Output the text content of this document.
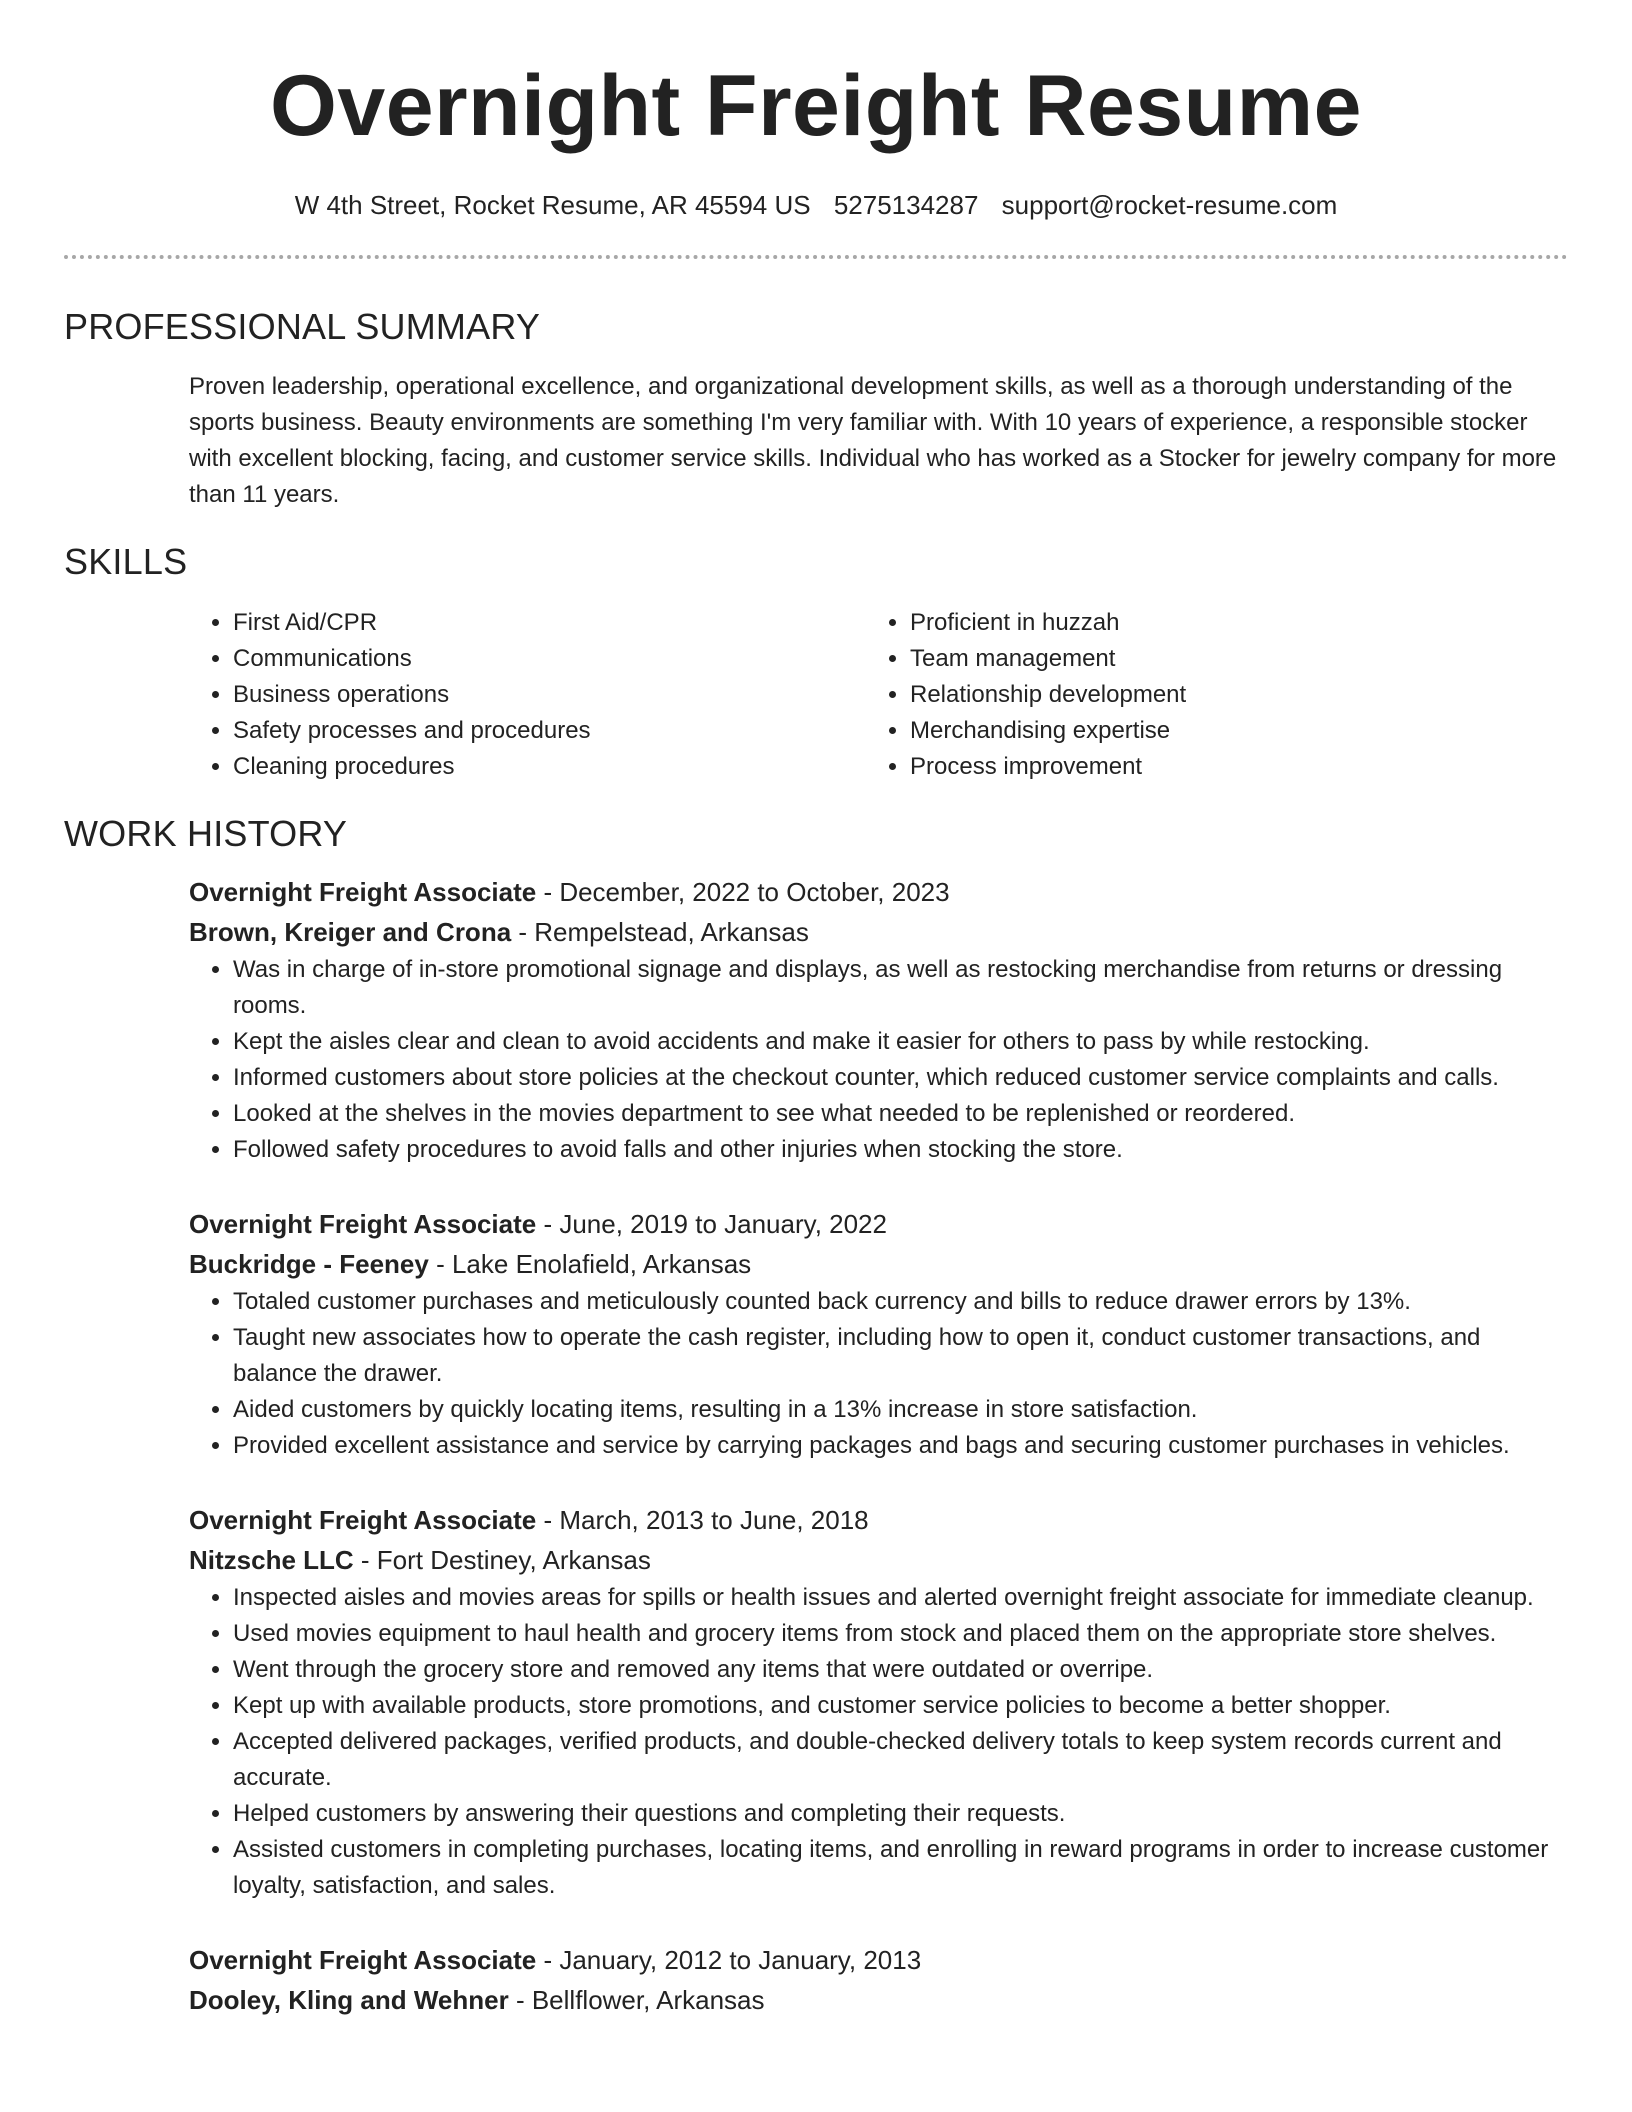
Overnight Freight Resume
W 4th Street, Rocket Resume, AR 45594 US 5275134287 support@rocket-resume.com
PROFESSIONAL SUMMARY

Proven leadership, operational excellence, and organizational development skills, as well as a thorough understanding of the sports business. Beauty environments are something I'm very familiar with. With 10 years of experience, a responsible stocker with excellent blocking, facing, and customer service skills. Individual who has worked as a Stocker for jewelry company for more than 11 years.

SKILLS
• First Aid/CPR
• Communications
• Business operations
• Safety processes and procedures
• Cleaning procedures
• Proficient in huzzah
• Team management
• Relationship development
• Merchandising expertise
• Process improvement
WORK HISTORY
Overnight Freight Associate - December, 2022 to October, 2023
Brown, Kreiger and Crona - Rempelstead, Arkansas
• Was in charge of in-store promotional signage and displays, as well as restocking merchandise from returns or dressing rooms.
• Kept the aisles clear and clean to avoid accidents and make it easier for others to pass by while restocking.
• Informed customers about store policies at the checkout counter, which reduced customer service complaints and calls.
• Looked at the shelves in the movies department to see what needed to be replenished or reordered.
• Followed safety procedures to avoid falls and other injuries when stocking the store.
Overnight Freight Associate - June, 2019 to January, 2022
Buckridge - Feeney - Lake Enolafield, Arkansas
• Totaled customer purchases and meticulously counted back currency and bills to reduce drawer errors by 13%.
• Taught new associates how to operate the cash register, including how to open it, conduct customer transactions, and balance the drawer.
• Aided customers by quickly locating items, resulting in a 13% increase in store satisfaction.
• Provided excellent assistance and service by carrying packages and bags and securing customer purchases in vehicles.
Overnight Freight Associate - March, 2013 to June, 2018
Nitzsche LLC - Fort Destiney, Arkansas
• Inspected aisles and movies areas for spills or health issues and alerted overnight freight associate for immediate cleanup.
• Used movies equipment to haul health and grocery items from stock and placed them on the appropriate store shelves.
• Went through the grocery store and removed any items that were outdated or overripe.
• Kept up with available products, store promotions, and customer service policies to become a better shopper.
• Accepted delivered packages, verified products, and double-checked delivery totals to keep system records current and accurate.
• Helped customers by answering their questions and completing their requests.
• Assisted customers in completing purchases, locating items, and enrolling in reward programs in order to increase customer loyalty, satisfaction, and sales.
Overnight Freight Associate - January, 2012 to January, 2013
Dooley, Kling and Wehner - Bellflower, Arkansas
